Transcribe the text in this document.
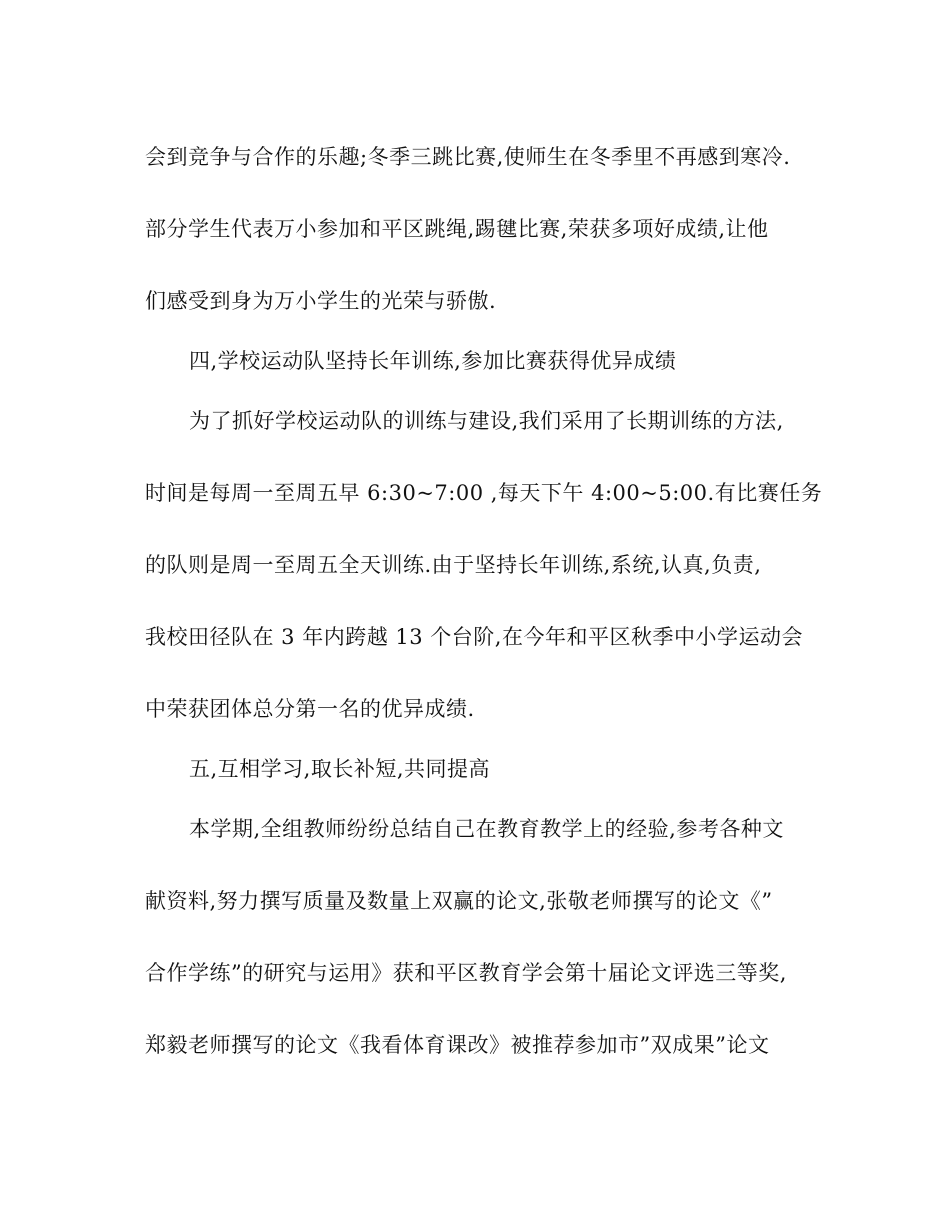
会到竞争与合作的乐趣;冬季三跳比赛,使师生在冬季里不再感到寒冷.
部分学生代表万小参加和平区跳绳,踢毽比赛,荣获多项好成绩,让他
们感受到身为万小学生的光荣与骄傲.
四,学校运动队坚持长年训练,参加比赛获得优异成绩
为了抓好学校运动队的训练与建设,我们采用了长期训练的方法,
时间是每周一至周五早 6:30~7:00 ,每天下午 4:00~5:00.有比赛任务
的队则是周一至周五全天训练.由于坚持长年训练,系统,认真,负责,
我校田径队在 3 年内跨越 13 个台阶,在今年和平区秋季中小学运动会
中荣获团体总分第一名的优异成绩.
五,互相学习,取长补短,共同提高
本学期,全组教师纷纷总结自己在教育教学上的经验,参考各种文
献资料,努力撰写质量及数量上双赢的论文,张敬老师撰写的论文《”
合作学练”的研究与运用》获和平区教育学会第十届论文评选三等奖,
郑毅老师撰写的论文《我看体育课改》被推荐参加市”双成果”论文
